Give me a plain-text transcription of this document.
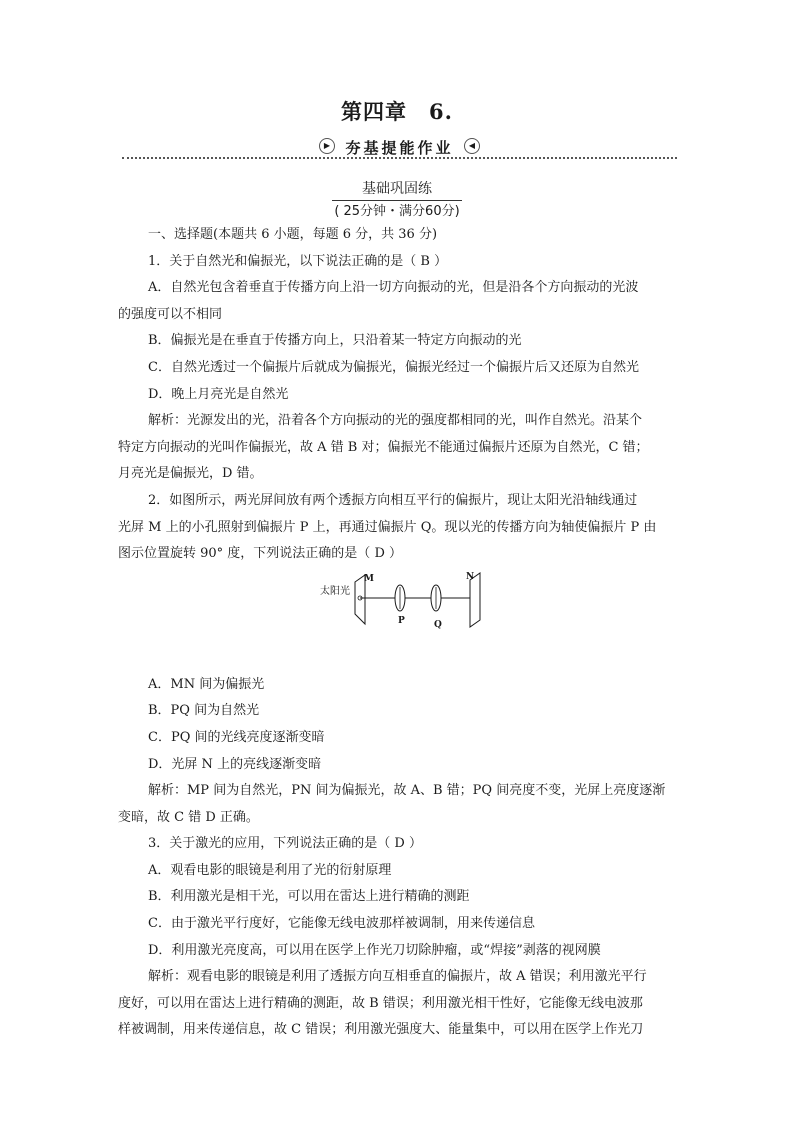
第四章　6.
▶	夯基提能作业	◀
基础巩固练
( 25分钟・满分60分)

一、选择题(本题共 6 小题，每题 6 分，共 36 分)

1．关于自然光和偏振光，以下说法正确的是（ B ）

A．自然光包含着垂直于传播方向上沿一切方向振动的光，但是沿各个方向振动的光波

的强度可以不相同

B．偏振光是在垂直于传播方向上，只沿着某一特定方向振动的光

C．自然光透过一个偏振片后就成为偏振光，偏振光经过一个偏振片后又还原为自然光

D．晚上月亮光是自然光

解析：光源发出的光，沿着各个方向振动的光的强度都相同的光，叫作自然光。沿某个

特定方向振动的光叫作偏振光，故 A 错 B 对；偏振光不能通过偏振片还原为自然光，C 错；

月亮光是偏振光，D 错。

2．如图所示，两光屏间放有两个透振方向相互平行的偏振片，现让太阳光沿轴线通过

光屏 M 上的小孔照射到偏振片 P 上，再通过偏振片 Q。现以光的传播方向为轴使偏振片 P 由

图示位置旋转 90° 度，下列说法正确的是（ D ）

太阳光
M
P	Q
N

A．MN 间为偏振光

B．PQ 间为自然光

C．PQ 间的光线亮度逐渐变暗

D．光屏 N 上的亮线逐渐变暗

解析：MP 间为自然光，PN 间为偏振光，故 A、B 错；PQ 间亮度不变，光屏上亮度逐渐

变暗，故 C 错 D 正确。

3．关于激光的应用，下列说法正确的是（ D ）

A．观看电影的眼镜是利用了光的衍射原理

B．利用激光是相干光，可以用在雷达上进行精确的测距

C．由于激光平行度好，它能像无线电波那样被调制，用来传递信息

D．利用激光亮度高，可以用在医学上作光刀切除肿瘤，或“焊接”剥落的视网膜

解析：观看电影的眼镜是利用了透振方向互相垂直的偏振片，故 A 错误；利用激光平行

度好，可以用在雷达上进行精确的测距，故 B 错误；利用激光相干性好，它能像无线电波那

样被调制，用来传递信息，故 C 错误；利用激光强度大、能量集中，可以用在医学上作光刀
